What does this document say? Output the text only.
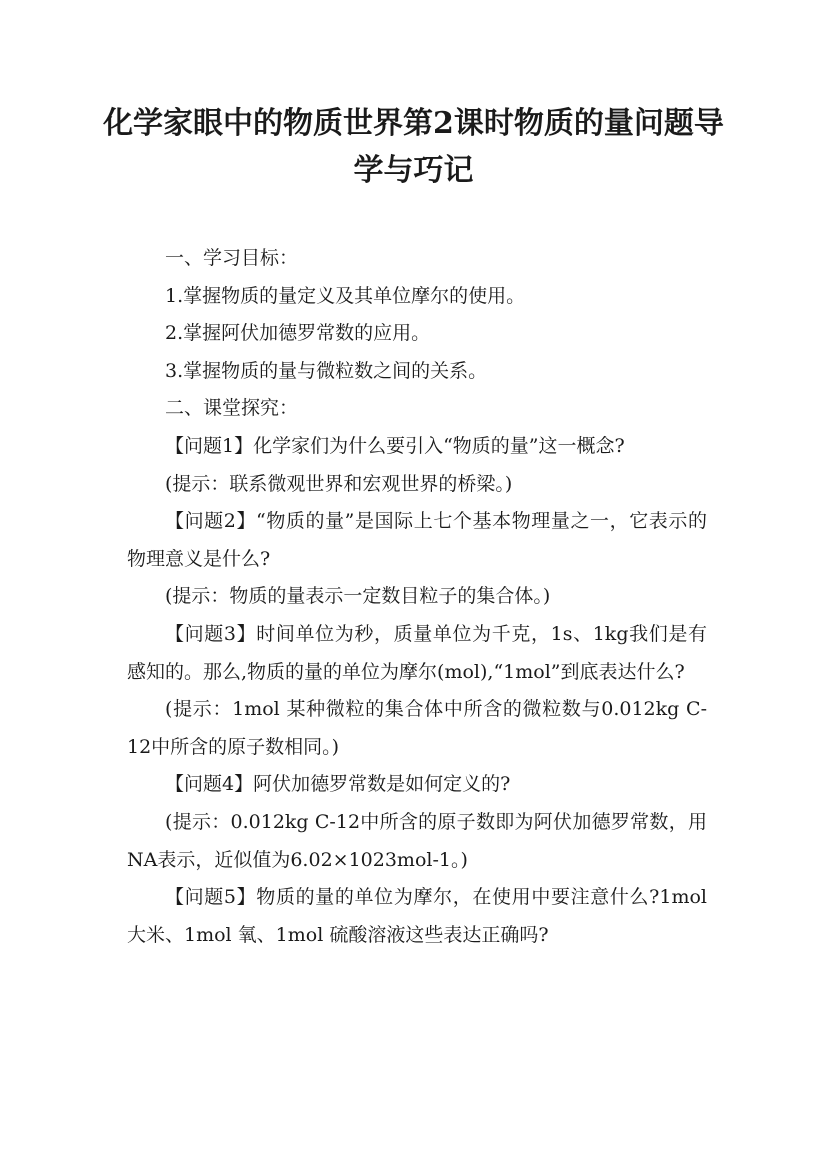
化学家眼中的物质世界第2课时物质的量问题导学与巧记

一、学习目标：

1.掌握物质的量定义及其单位摩尔的使用。

2.掌握阿伏加德罗常数的应用。

3.掌握物质的量与微粒数之间的关系。

二、课堂探究：

【问题1】化学家们为什么要引入“物质的量”这一概念?

(提示：联系微观世界和宏观世界的桥梁。)

【问题2】“物质的量”是国际上七个基本物理量之一，它表示的物理意义是什么?

(提示：物质的量表示一定数目粒子的集合体。)

【问题3】时间单位为秒，质量单位为千克，1s、1kg我们是有感知的。那么,物质的量的单位为摩尔(mol),“1mol”到底表达什么?

(提示：1mol 某种微粒的集合体中所含的微粒数与0.012kg C-12中所含的原子数相同。)

【问题4】阿伏加德罗常数是如何定义的?

(提示：0.012kg C-12中所含的原子数即为阿伏加德罗常数，用NA表示，近似值为6.02×1023mol-1。)

【问题5】物质的量的单位为摩尔，在使用中要注意什么?1mol 大米、1mol 氧、1mol 硫酸溶液这些表达正确吗?
